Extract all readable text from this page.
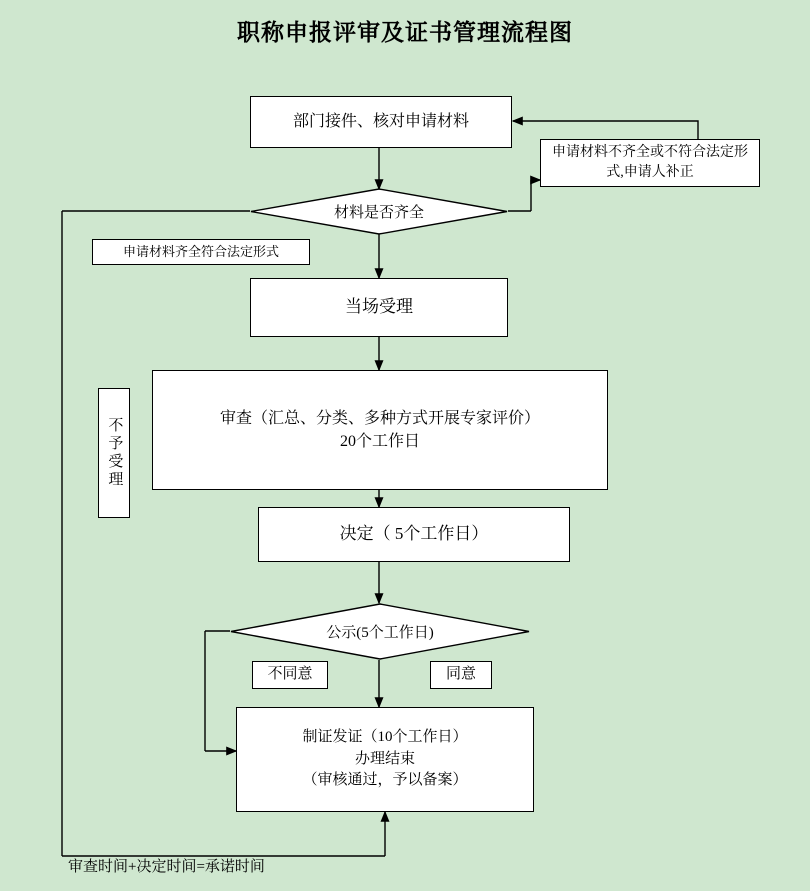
职称申报评审及证书管理流程图
部门接件、核对申请材料
申请材料不齐全或不符合法定形式,申请人补正
材料是否齐全
申请材料齐全符合法定形式
不予受理
当场受理
审查（汇总、分类、多种方式开展专家评价）
20个工作日
决定（ 5个工作日）
公示(5个工作日)
不同意	同意
制证发证（10个工作日）
办理结束
（审核通过，予以备案）
审查时间+决定时间=承诺时间
